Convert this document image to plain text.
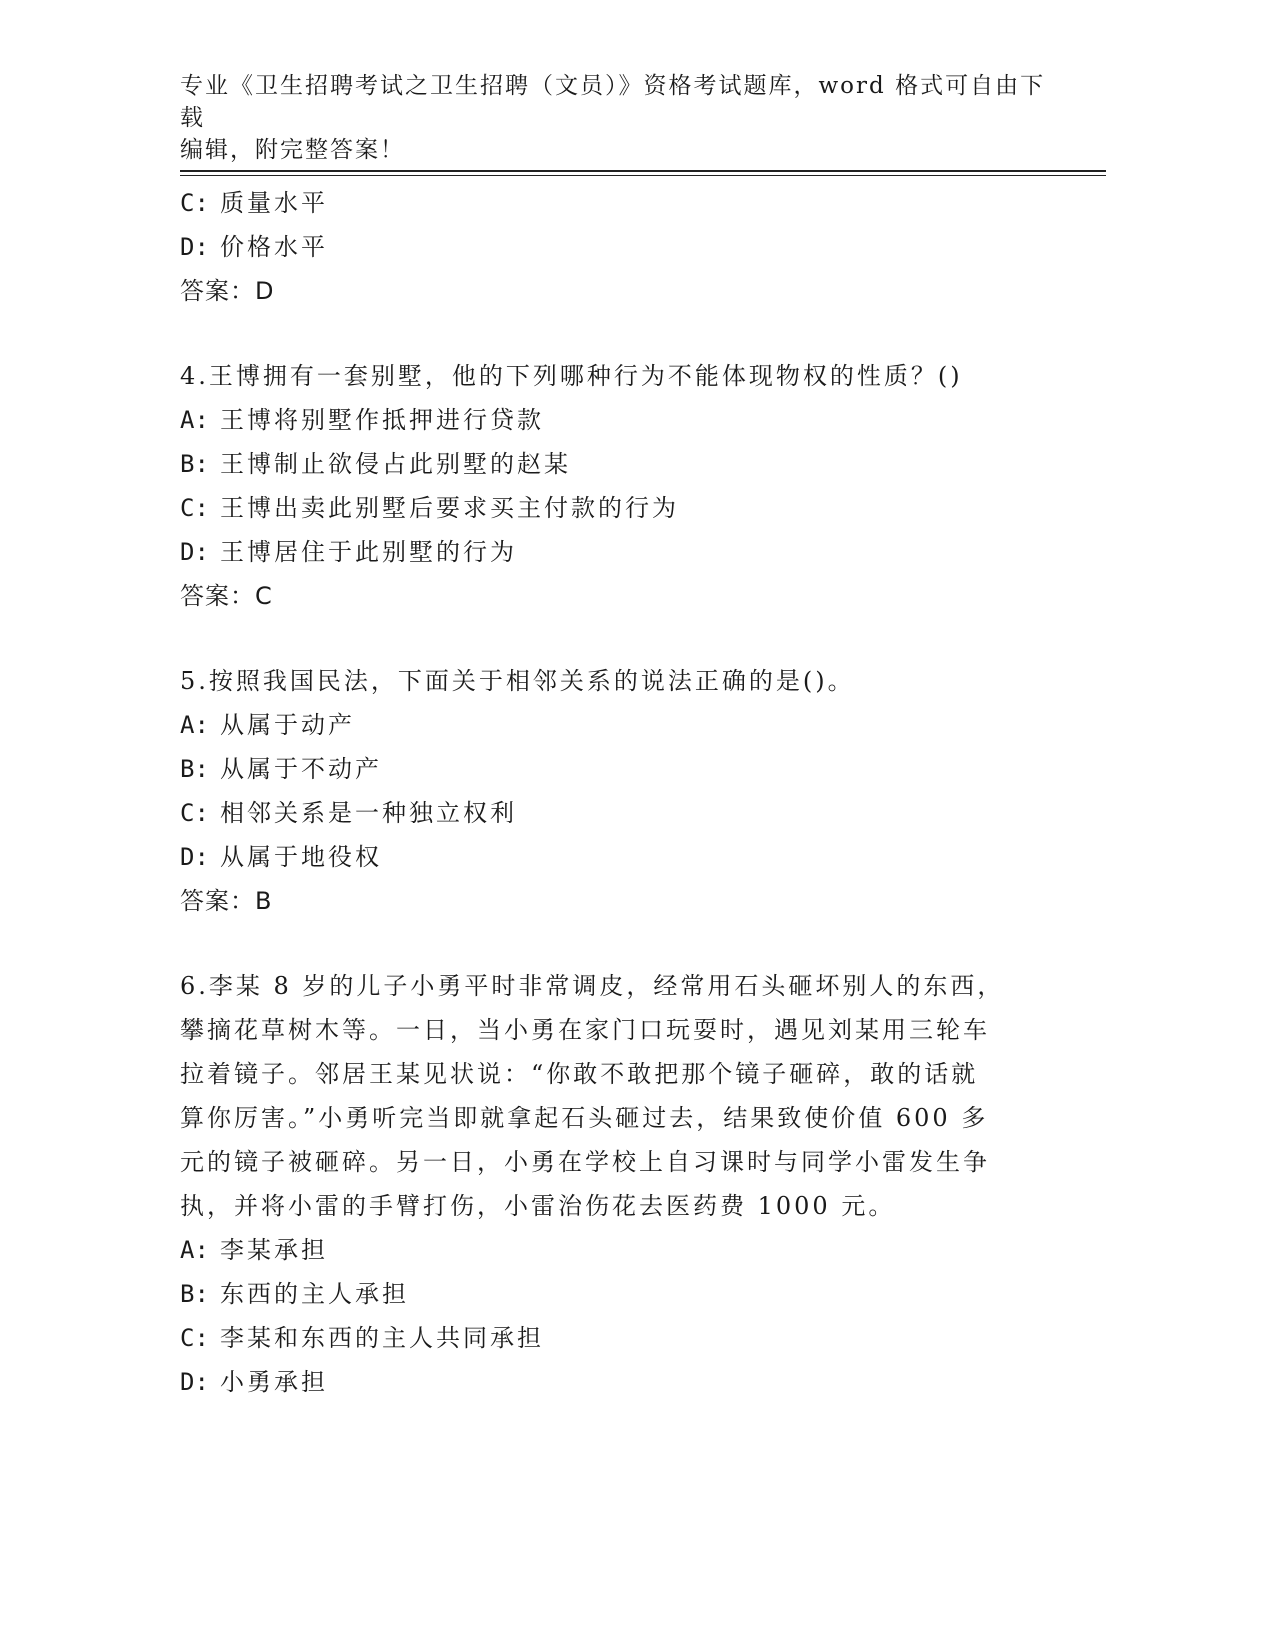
专业《卫生招聘考试之卫生招聘（文员）》资格考试题库，word 格式可自由下载
编辑，附完整答案！
C: 质量水平
D: 价格水平
答案：D
4.王博拥有一套别墅，他的下列哪种行为不能体现物权的性质？()
A: 王博将别墅作抵押进行贷款
B: 王博制止欲侵占此别墅的赵某
C: 王博出卖此别墅后要求买主付款的行为
D: 王博居住于此别墅的行为
答案：C
5.按照我国民法，下面关于相邻关系的说法正确的是()。
A: 从属于动产
B: 从属于不动产
C: 相邻关系是一种独立权利
D: 从属于地役权
答案：B
6.李某 8 岁的儿子小勇平时非常调皮，经常用石头砸坏别人的东西，
攀摘花草树木等。一日，当小勇在家门口玩耍时，遇见刘某用三轮车
拉着镜子。邻居王某见状说：“你敢不敢把那个镜子砸碎，敢的话就
算你厉害。”小勇听完当即就拿起石头砸过去，结果致使价值 600 多
元的镜子被砸碎。另一日，小勇在学校上自习课时与同学小雷发生争
执，并将小雷的手臂打伤，小雷治伤花去医药费 1000 元。
A: 李某承担
B: 东西的主人承担
C: 李某和东西的主人共同承担
D: 小勇承担
